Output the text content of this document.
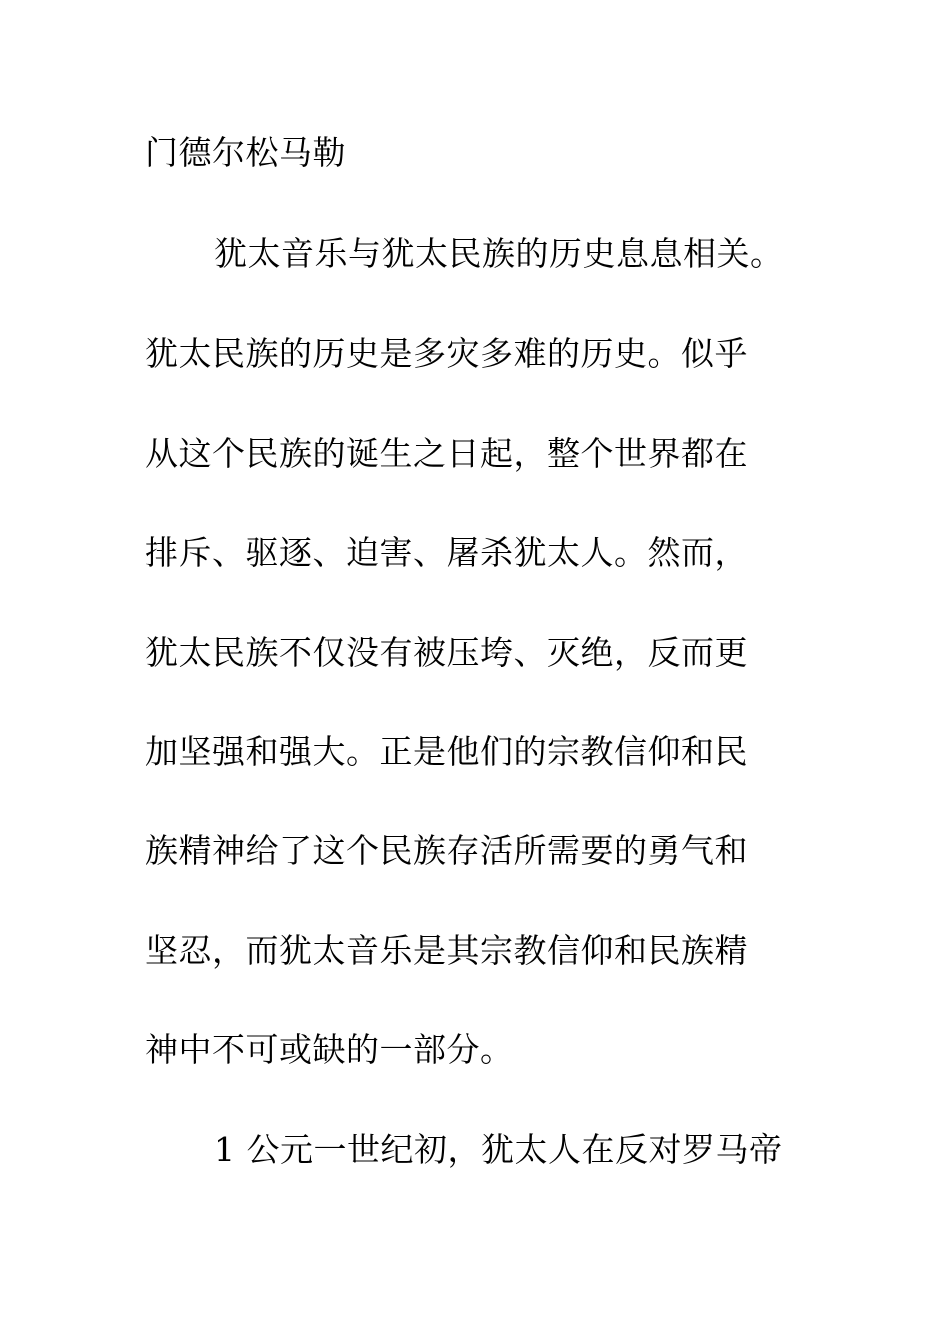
门德尔松马勒
犹太音乐与犹太民族的历史息息相关。
犹太民族的历史是多灾多难的历史。似乎
从这个民族的诞生之日起，整个世界都在
排斥、驱逐、迫害、屠杀犹太人。然而，
犹太民族不仅没有被压垮、灭绝，反而更
加坚强和强大。正是他们的宗教信仰和民
族精神给了这个民族存活所需要的勇气和
坚忍，而犹太音乐是其宗教信仰和民族精
神中不可或缺的一部分。
1 公元一世纪初，犹太人在反对罗马帝
